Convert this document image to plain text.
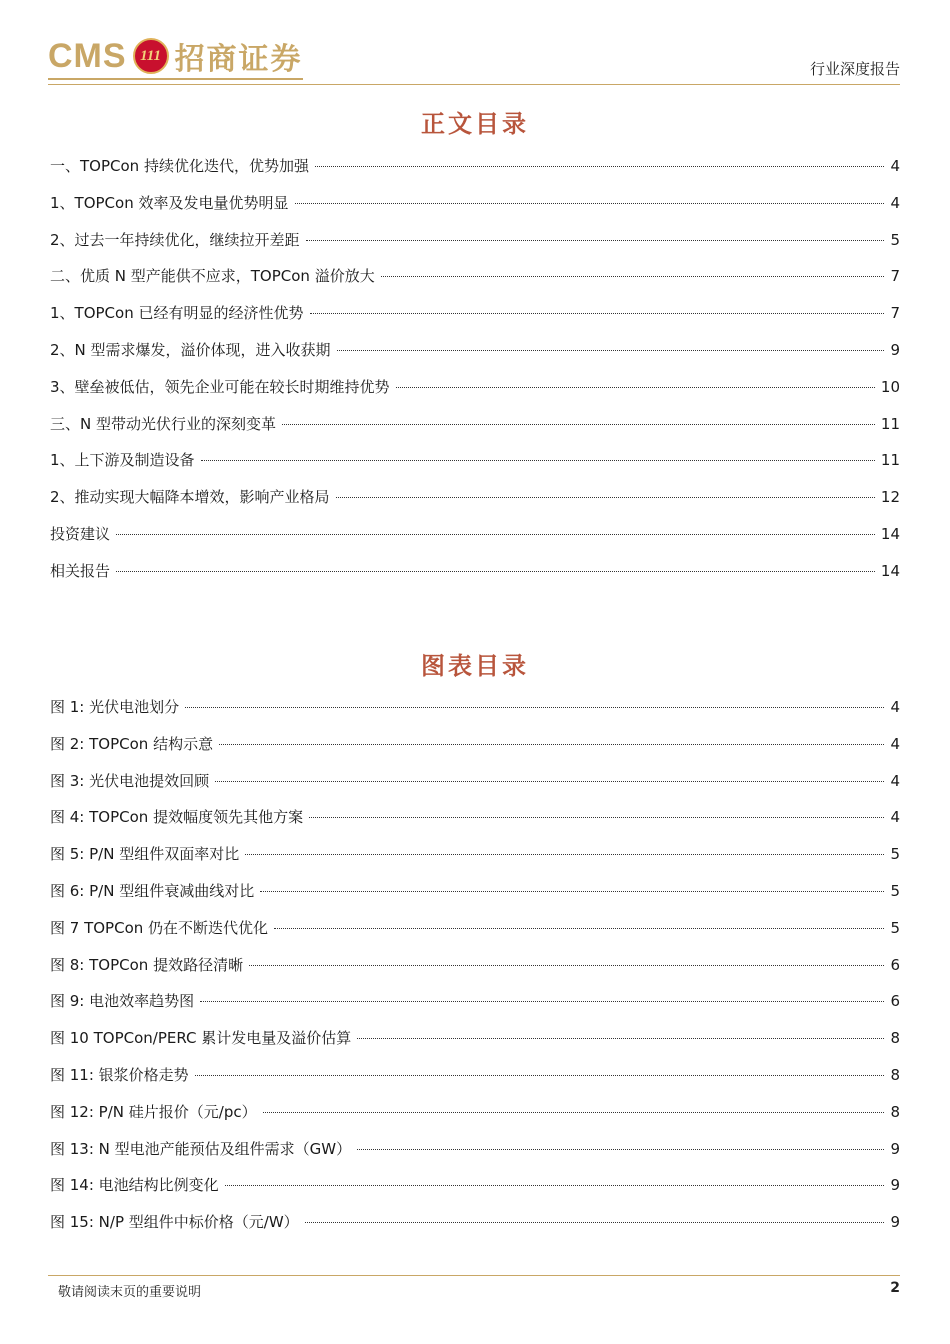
CMS 111 招商证券	行业深度报告
正文目录
一、TOPCon 持续优化迭代，优势加强	4
1、TOPCon 效率及发电量优势明显	4
2、过去一年持续优化，继续拉开差距	5
二、优质 N 型产能供不应求，TOPCon 溢价放大	7
1、TOPCon 已经有明显的经济性优势	7
2、N 型需求爆发，溢价体现，进入收获期	9
3、壁垒被低估，领先企业可能在较长时期维持优势	10
三、N 型带动光伏行业的深刻变革	11
1、上下游及制造设备	11
2、推动实现大幅降本增效，影响产业格局	12
投资建议	14
相关报告	14
图表目录
图 1: 光伏电池划分	4
图 2: TOPCon 结构示意	4
图 3: 光伏电池提效回顾	4
图 4: TOPCon 提效幅度领先其他方案	4
图 5: P/N 型组件双面率对比	5
图 6: P/N 型组件衰减曲线对比	5
图 7 TOPCon 仍在不断迭代优化	5
图 8: TOPCon 提效路径清晰	6
图 9: 电池效率趋势图	6
图 10 TOPCon/PERC 累计发电量及溢价估算	8
图 11: 银浆价格走势	8
图 12: P/N 硅片报价（元/pc）	8
图 13: N 型电池产能预估及组件需求（GW）	9
图 14: 电池结构比例变化	9
图 15: N/P 型组件中标价格（元/W）	9
敬请阅读末页的重要说明	2
